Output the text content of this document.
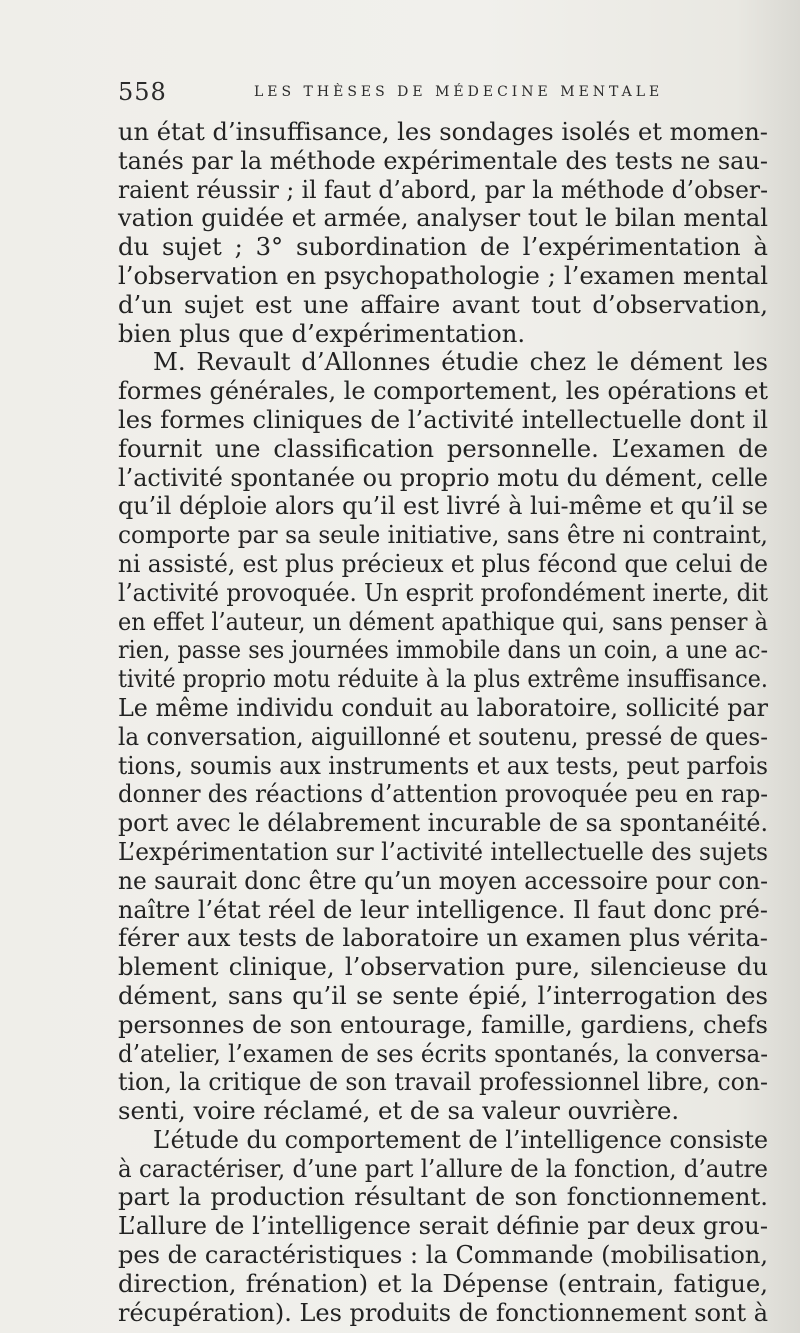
558	LES THÈSES DE MÉDECINE MENTALE
un état d’insuffisance, les sondages isolés et momen-
tanés par la méthode expérimentale des tests ne sau-
raient réussir ; il faut d’abord, par la méthode d’obser-
vation guidée et armée, analyser tout le bilan mental
du sujet ; 3° subordination de l’expérimentation à
l’observation en psychopathologie ; l’examen mental
d’un sujet est une affaire avant tout d’observation,
bien plus que d’expérimentation.
M. Revault d’Allonnes étudie chez le dément les
formes générales, le comportement, les opérations et
les formes cliniques de l’activité intellectuelle dont il
fournit une classification personnelle. L’examen de
l’activité spontanée ou proprio motu du dément, celle
qu’il déploie alors qu’il est livré à lui-même et qu’il se
comporte par sa seule initiative, sans être ni contraint,
ni assisté, est plus précieux et plus fécond que celui de
l’activité provoquée. Un esprit profondément inerte, dit
en effet l’auteur, un dément apathique qui, sans penser à
rien, passe ses journées immobile dans un coin, a une ac-
tivité proprio motu réduite à la plus extrême insuffisance.
Le même individu conduit au laboratoire, sollicité par
la conversation, aiguillonné et soutenu, pressé de ques-
tions, soumis aux instruments et aux tests, peut parfois
donner des réactions d’attention provoquée peu en rap-
port avec le délabrement incurable de sa spontanéité.
L’expérimentation sur l’activité intellectuelle des sujets
ne saurait donc être qu’un moyen accessoire pour con-
naître l’état réel de leur intelligence. Il faut donc pré-
férer aux tests de laboratoire un examen plus vérita-
blement clinique, l’observation pure, silencieuse du
dément, sans qu’il se sente épié, l’interrogation des
personnes de son entourage, famille, gardiens, chefs
d’atelier, l’examen de ses écrits spontanés, la conversa-
tion, la critique de son travail professionnel libre, con-
senti, voire réclamé, et de sa valeur ouvrière.
L’étude du comportement de l’intelligence consiste
à caractériser, d’une part l’allure de la fonction, d’autre
part la production résultant de son fonctionnement.
L’allure de l’intelligence serait définie par deux grou-
pes de caractéristiques : la Commande (mobilisation,
direction, frénation) et la Dépense (entrain, fatigue,
récupération). Les produits de fonctionnement sont à
